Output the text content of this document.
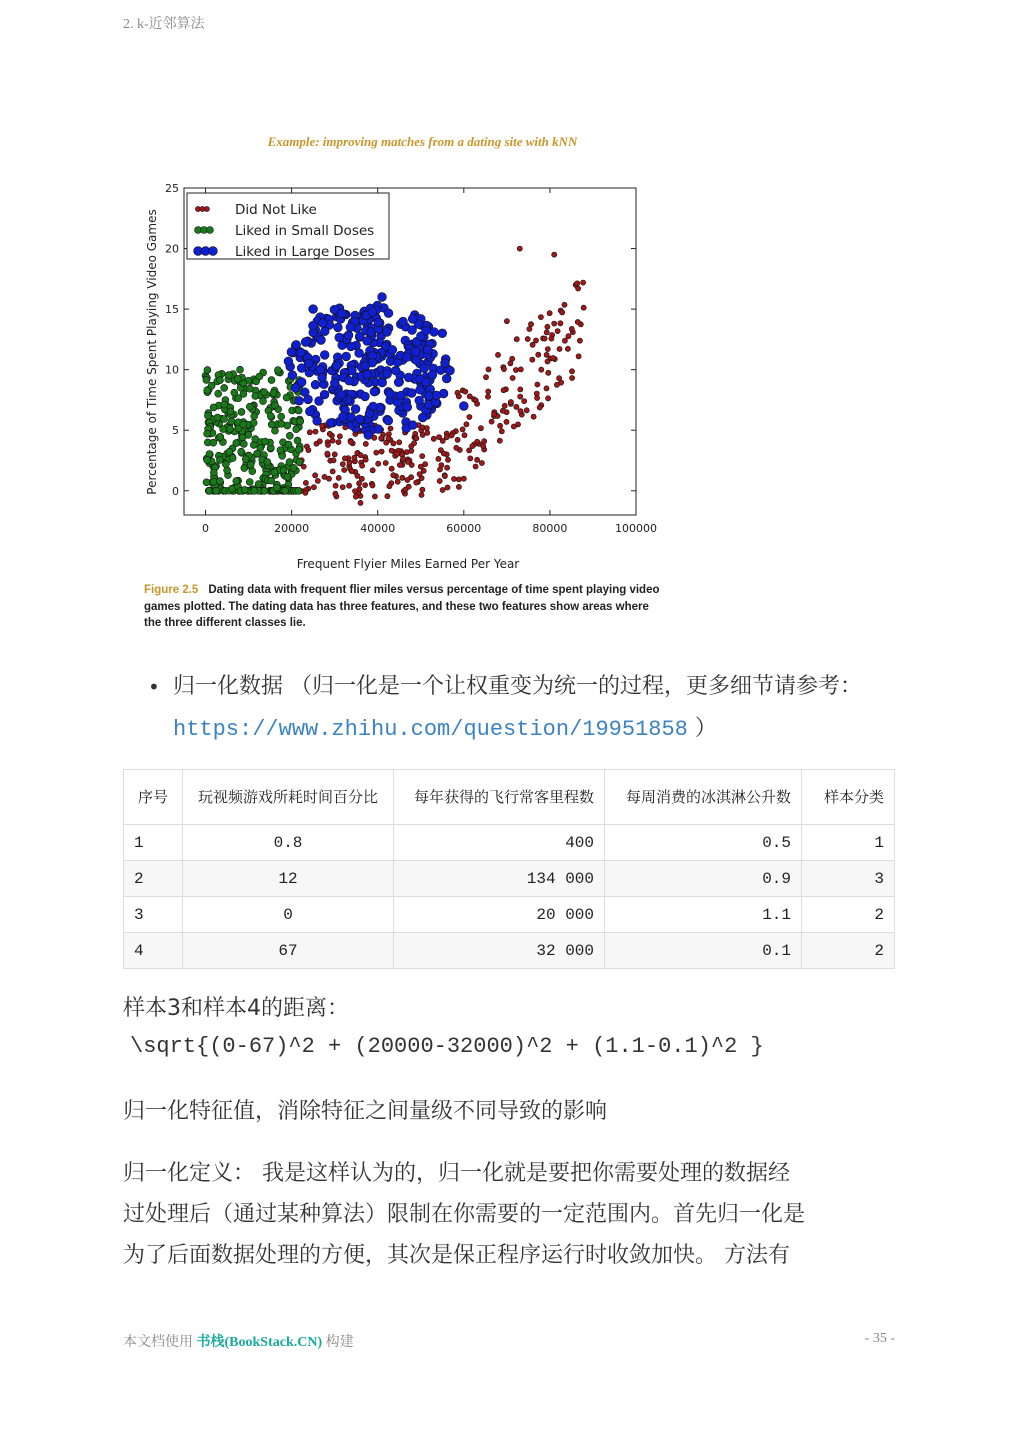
2. k-近邻算法
Example: improving matches from a dating site with kNN
0	20000	40000	60000	80000	100000
0
5
10
15
20
25
Frequent Flyier Miles Earned Per Year
Percentage of Time Spent Playing Video Games	Did Not Like
Liked in Small Doses
Liked in Large Doses
Figure 2.5 Dating data with frequent flier miles versus percentage of time spent playing video games plotted. The dating data has three features, and these two features show areas where the three different classes lie.
• 归一化数据 （归一化是一个让权重变为统一的过程，更多细节请参考： https://www.zhihu.com/question/19951858 ）
序号	玩视频游戏所耗时间百分比	每年获得的飞行常客里程数	每周消费的冰淇淋公升数	样本分类
1	0.8	400	0.5	1
2	12	134 000	0.9	3
3	0	20 000	1.1	2
4	67	32 000	0.1	2
样本3和样本4的距离：
\sqrt{(0-67)^2 + (20000-32000)^2 + (1.1-0.1)^2 }
归一化特征值，消除特征之间量级不同导致的影响
归一化定义： 我是这样认为的，归一化就是要把你需要处理的数据经
过处理后（通过某种算法）限制在你需要的一定范围内。首先归一化是
为了后面数据处理的方便，其次是保正程序运行时收敛加快。 方法有
本文档使用 书栈(BookStack.CN) 构建	- 35 -
